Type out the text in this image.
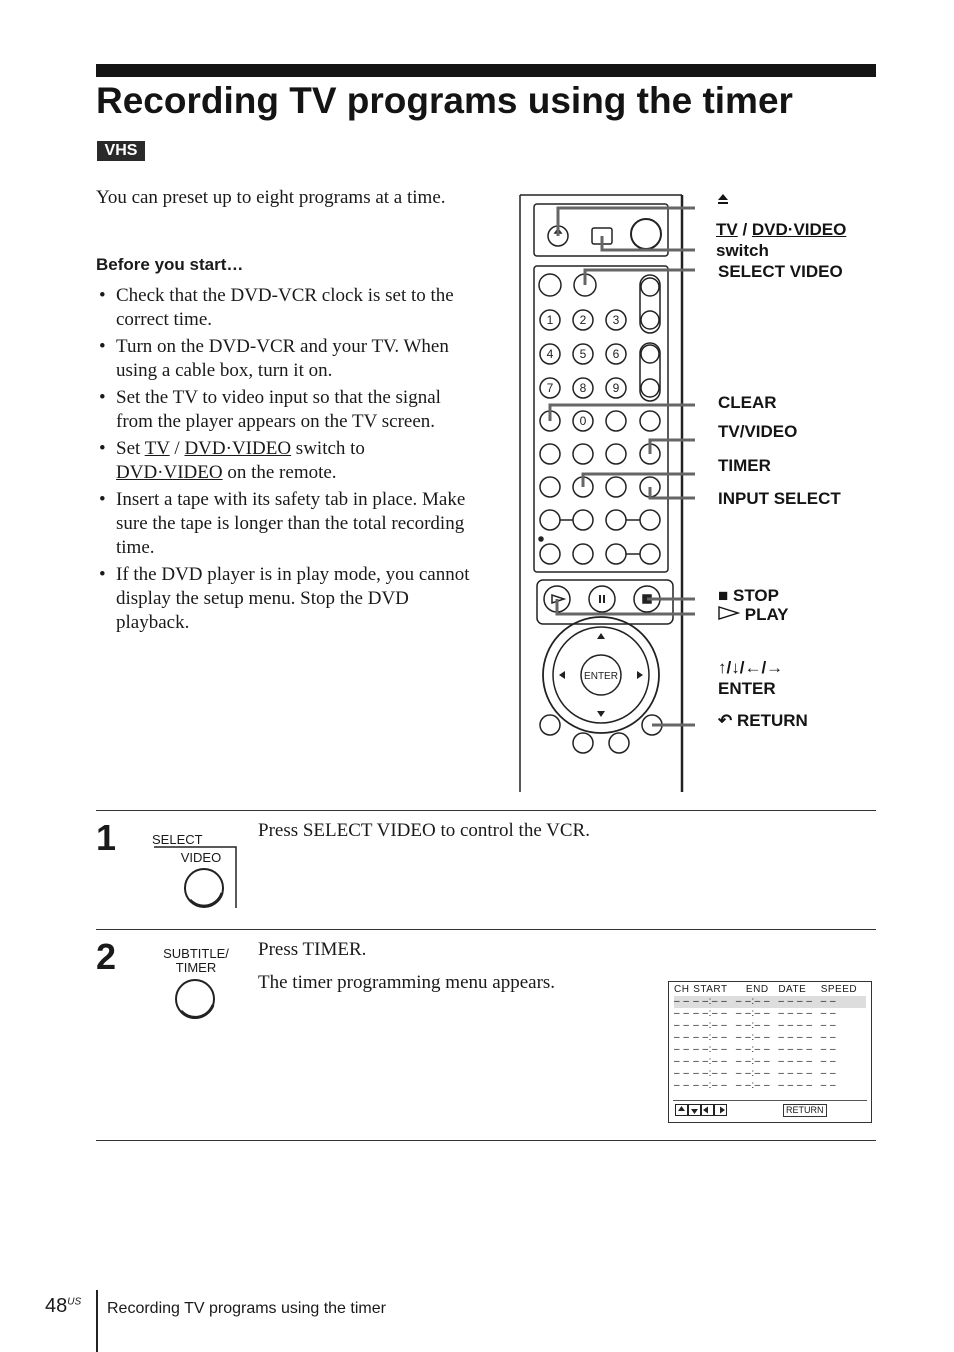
Recording TV programs using the timer
VHS
You can preset up to eight programs at a time.
Before you start…
• Check that the DVD-VCR clock is set to the correct time.
• Turn on the DVD-VCR and your TV. When using a cable box, turn it on.
• Set the TV to video input so that the signal from the player appears on the TV screen.
• Set TV / DVD·VIDEO switch to DVD·VIDEO on the remote.
• Insert a tape with its safety tab in place. Make sure the tape is longer than the total recording time.
• If the DVD player is in play mode, you cannot display the setup menu. Stop the DVD playback.
1 2 3
4 5 6
7 8 9
0
ENTER
TV / DVD·VIDEO
switch
SELECT VIDEO
CLEAR
TV/VIDEO
TIMER
INPUT SELECT
■ STOP
PLAY
↑/↓/←/→
ENTER
↶ RETURN
1	SELECT
VIDEO
Press SELECT VIDEO to control the VCR.
2	SUBTITLE/
TIMER
Press TIMER.
The timer programming menu appears.	CH	START	END	DATE	SPEED
– –	– –:– –	– –:– –	– – – –	– –
– –	– –:– –	– –:– –	– – – –	– –
– –	– –:– –	– –:– –	– – – –	– –
– –	– –:– –	– –:– –	– – – –	– –
– –	– –:– –	– –:– –	– – – –	– –
– –	– –:– –	– –:– –	– – – –	– –
– –	– –:– –	– –:– –	– – – –	– –
– –	– –:– –	– –:– –	– – – –	– –
RETURN
$48^{US}$ Recording TV programs using the timer
